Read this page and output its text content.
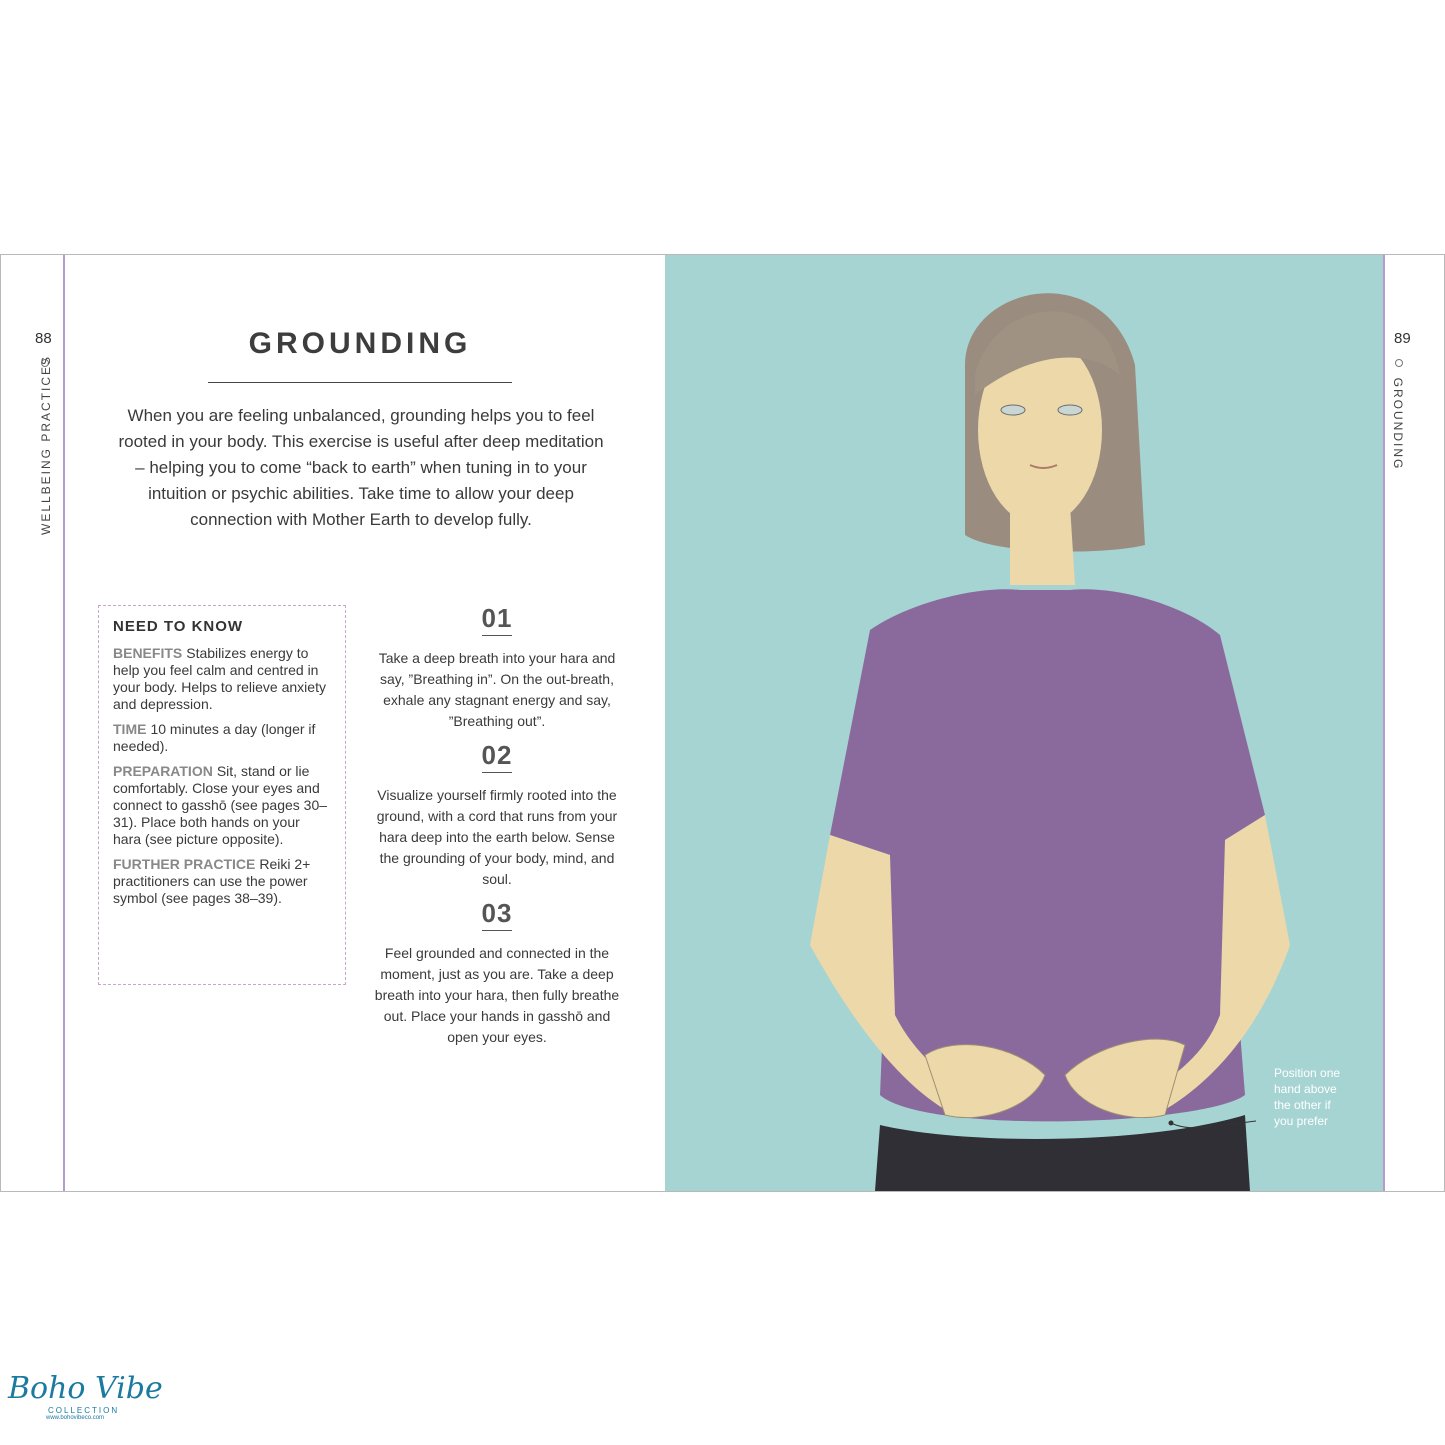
88
WELLBEING PRACTICES
89
GROUNDING
GROUNDING

When you are feeling unbalanced, grounding helps you to feel rooted in your body. This exercise is useful after deep meditation – helping you to come “back to earth” when tuning in to your intuition or psychic abilities. Take time to allow your deep connection with Mother Earth to develop fully.

NEED TO KNOW

BENEFITS Stabilizes energy to help you feel calm and centred in your body. Helps to relieve anxiety and depression.

TIME 10 minutes a day (longer if needed).

PREPARATION Sit, stand or lie comfortably. Close your eyes and connect to gasshō (see pages 30–31). Place both hands on your hara (see picture opposite).

FURTHER PRACTICE Reiki 2+ practitioners can use the power symbol (see pages 38–39).

01

Take a deep breath into your hara and say, ”Breathing in”. On the out-breath, exhale any stagnant energy and say, ”Breathing out”.

02

Visualize yourself firmly rooted into the ground, with a cord that runs from your hara deep into the earth below. Sense the grounding of your body, mind, and soul.

03

Feel grounded and connected in the moment, just as you are. Take a deep breath into your hara, then fully breathe out. Place your hands in gasshō and open your eyes.

Position one
hand above
the other if
you prefer
Boho Vibe
COLLECTION
www.bohovibeco.com
